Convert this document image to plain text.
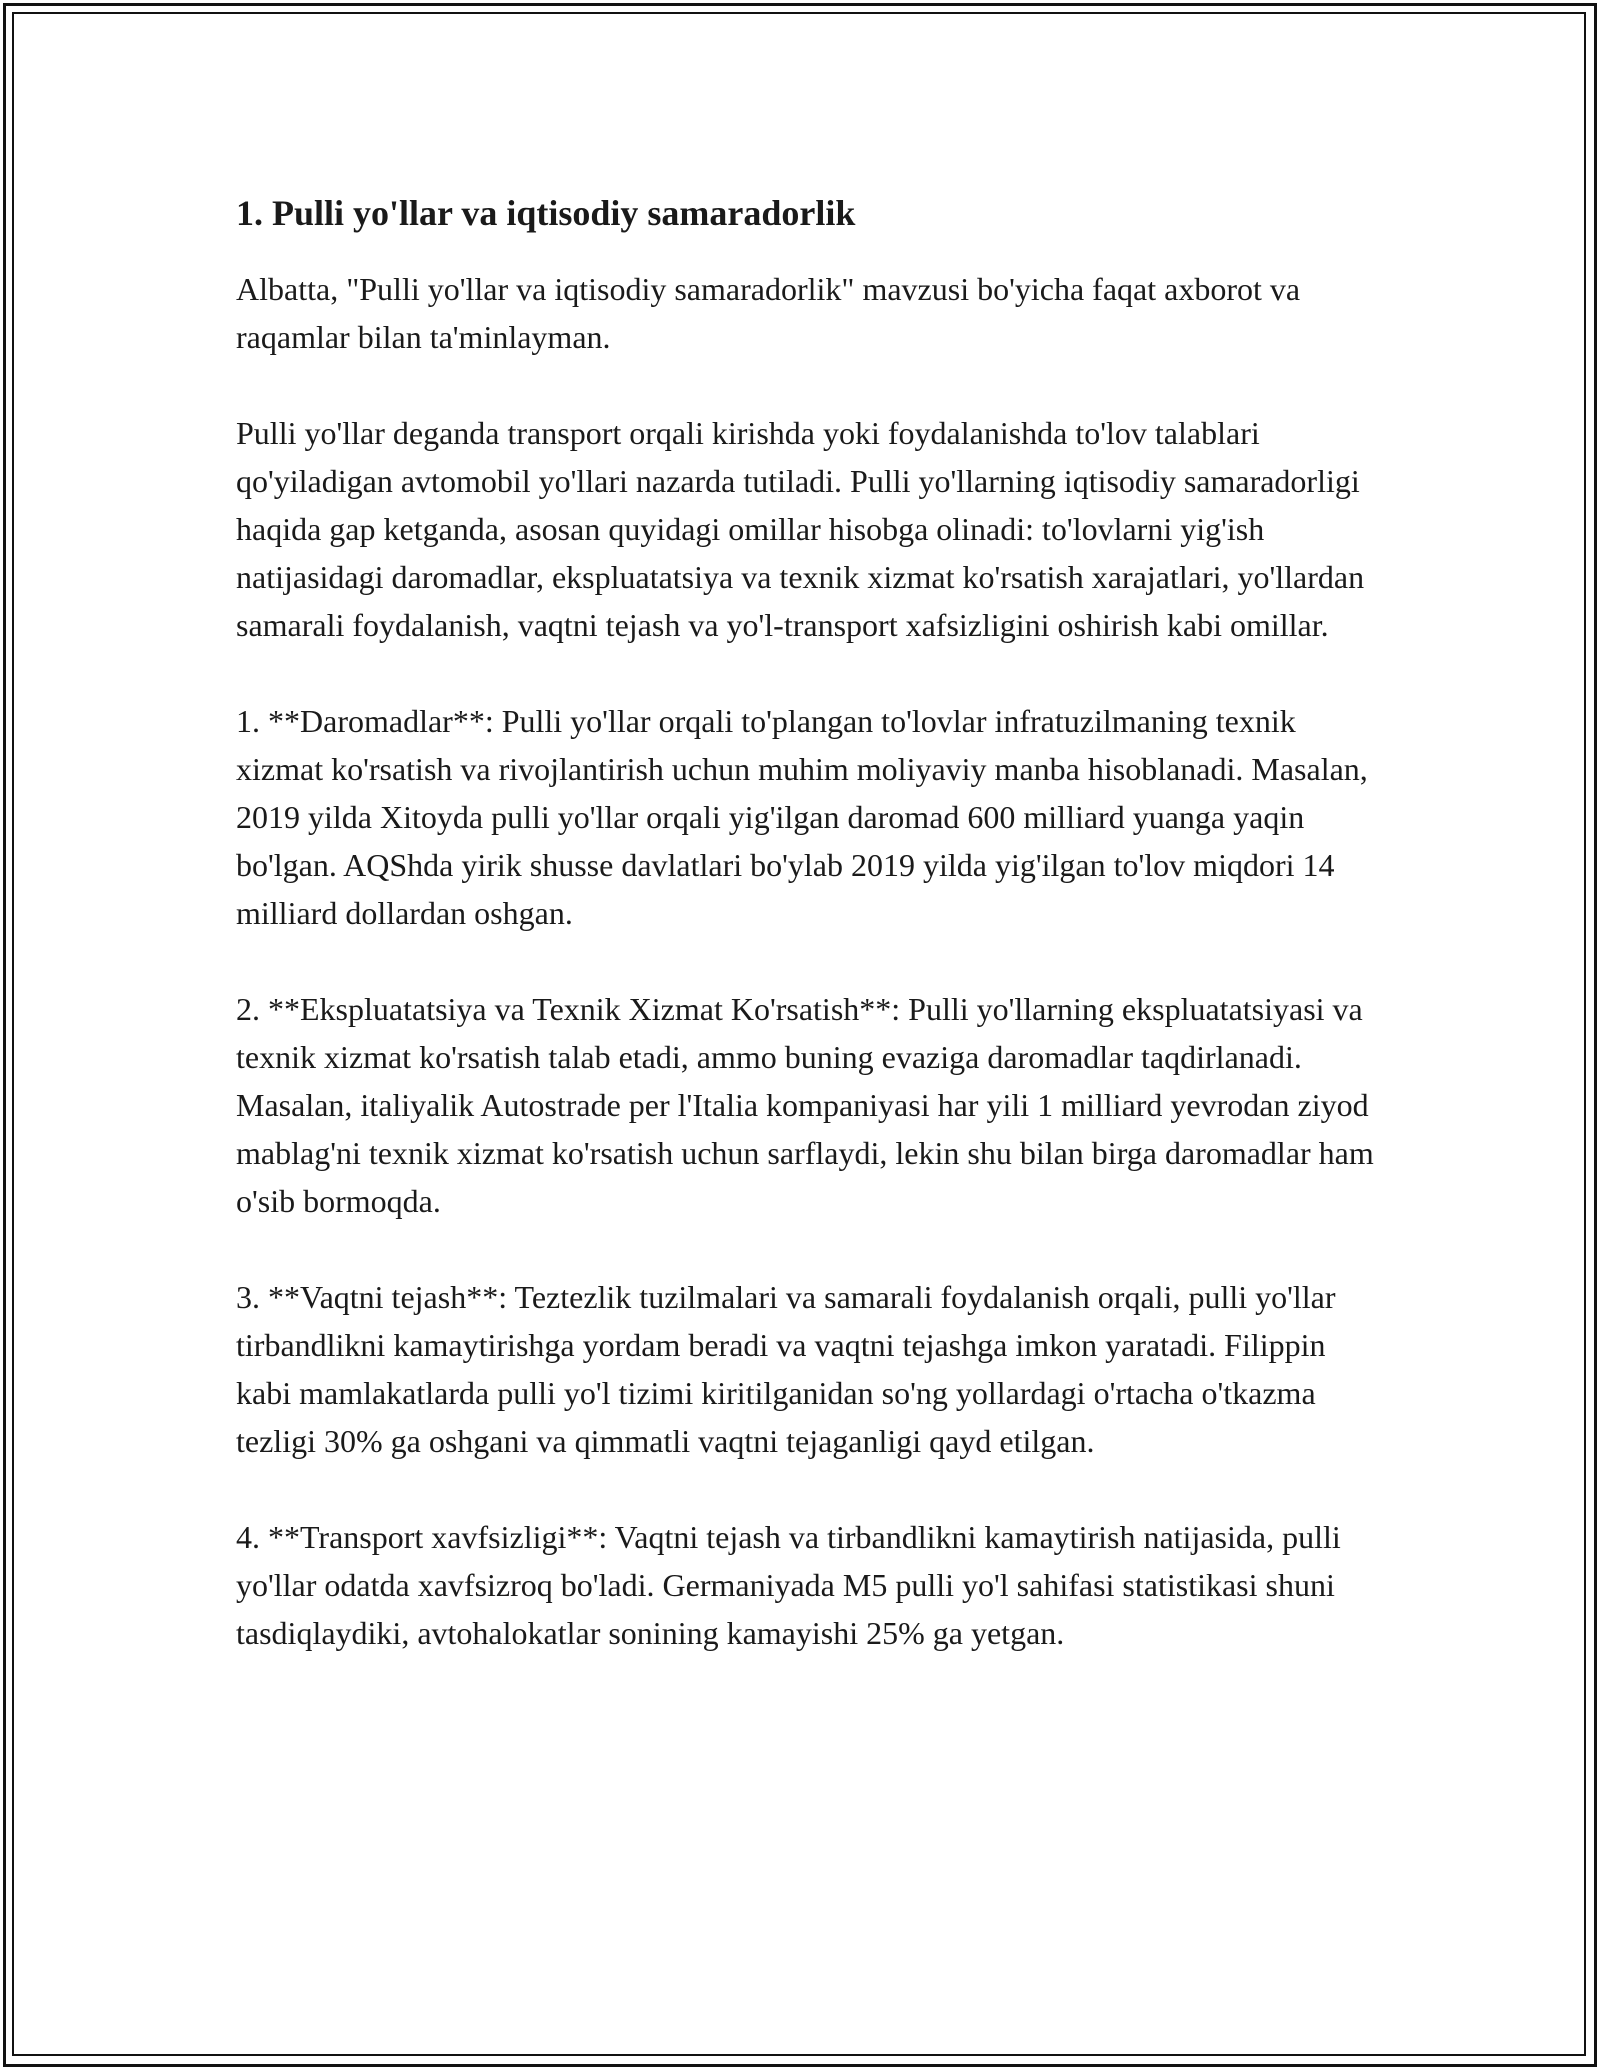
1. Pulli yo'llar va iqtisodiy samaradorlik

Albatta, "Pulli yo'llar va iqtisodiy samaradorlik" mavzusi bo'yicha faqat axborot va raqamlar bilan ta'minlayman.

Pulli yo'llar deganda transport orqali kirishda yoki foydalanishda to'lov talablari qo'yiladigan avtomobil yo'llari nazarda tutiladi. Pulli yo'llarning iqtisodiy samaradorligi haqida gap ketganda, asosan quyidagi omillar hisobga olinadi: to'lovlarni yig'ish natijasidagi daromadlar, ekspluatatsiya va texnik xizmat ko'rsatish xarajatlari, yo'llardan samarali foydalanish, vaqtni tejash va yo'l-transport xafsizligini oshirish kabi omillar.

1. **Daromadlar**: Pulli yo'llar orqali to'plangan to'lovlar infratuzilmaning texnik xizmat ko'rsatish va rivojlantirish uchun muhim moliyaviy manba hisoblanadi. Masalan, 2019 yilda Xitoyda pulli yo'llar orqali yig'ilgan daromad 600 milliard yuanga yaqin bo'lgan. AQShda yirik shusse davlatlari bo'ylab 2019 yilda yig'ilgan to'lov miqdori 14 milliard dollardan oshgan.

2. **Ekspluatatsiya va Texnik Xizmat Ko'rsatish**: Pulli yo'llarning ekspluatatsiyasi va texnik xizmat ko'rsatish talab etadi, ammo buning evaziga daromadlar taqdirlanadi. Masalan, italiyalik Autostrade per l'Italia kompaniyasi har yili 1 milliard yevrodan ziyod mablag'ni texnik xizmat ko'rsatish uchun sarflaydi, lekin shu bilan birga daromadlar ham o'sib bormoqda.

3. **Vaqtni tejash**: Teztezlik tuzilmalari va samarali foydalanish orqali, pulli yo'llar tirbandlikni kamaytirishga yordam beradi va vaqtni tejashga imkon yaratadi. Filippin kabi mamlakatlarda pulli yo'l tizimi kiritilganidan so'ng yollardagi o'rtacha o'tkazma tezligi 30% ga oshgani va qimmatli vaqtni tejaganligi qayd etilgan.

4. **Transport xavfsizligi**: Vaqtni tejash va tirbandlikni kamaytirish natijasida, pulli yo'llar odatda xavfsizroq bo'ladi. Germaniyada M5 pulli yo'l sahifasi statistikasi shuni tasdiqlaydiki, avtohalokatlar sonining kamayishi 25% ga yetgan.
